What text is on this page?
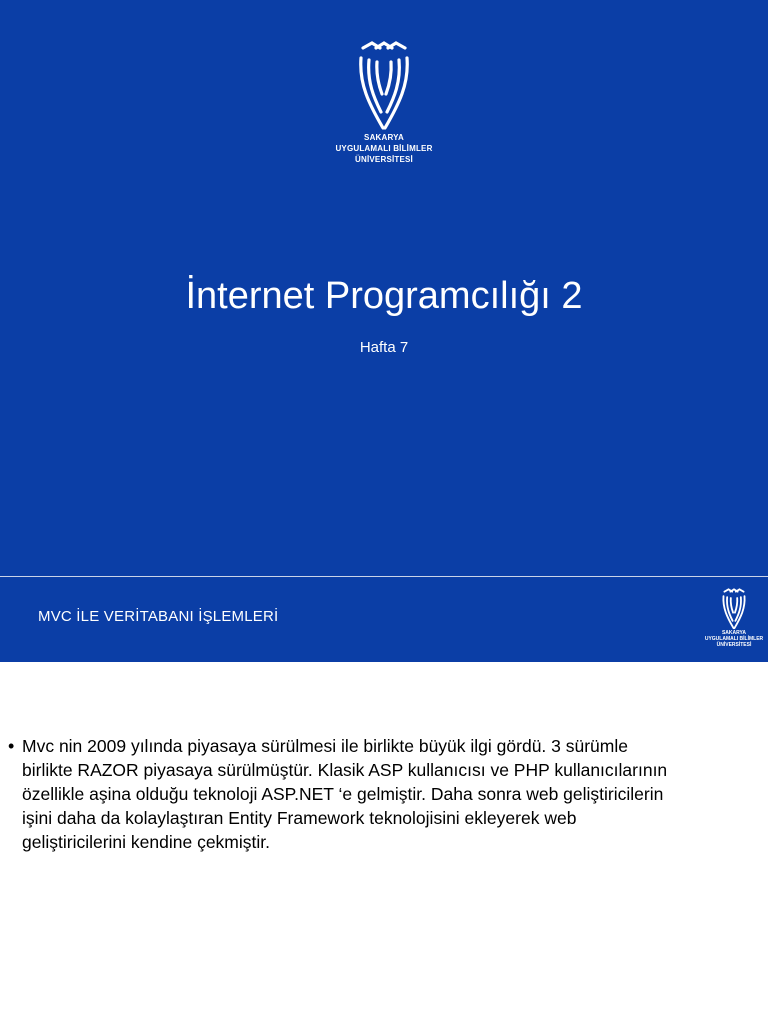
SAKARYA
UYGULAMALI BİLİMLER
ÜNİVERSİTESİ
İnternet Programcılığı 2
Hafta 7
MVC İLE VERİTABANI İŞLEMLERİ
SAKARYA
UYGULAMALI BİLİMLER
ÜNİVERSİTESİ
• Mvc nin 2009 yılında piyasaya sürülmesi ile birlikte büyük ilgi gördü. 3 sürümle birlikte RAZOR piyasaya sürülmüştür. Klasik ASP kullanıcısı ve PHP kullanıcılarının özellikle aşina olduğu teknoloji ASP.NET ‘e gelmiştir. Daha sonra web geliştiricilerin işini daha da kolaylaştıran Entity Framework teknolojisini ekleyerek web geliştiricilerini kendine çekmiştir.
